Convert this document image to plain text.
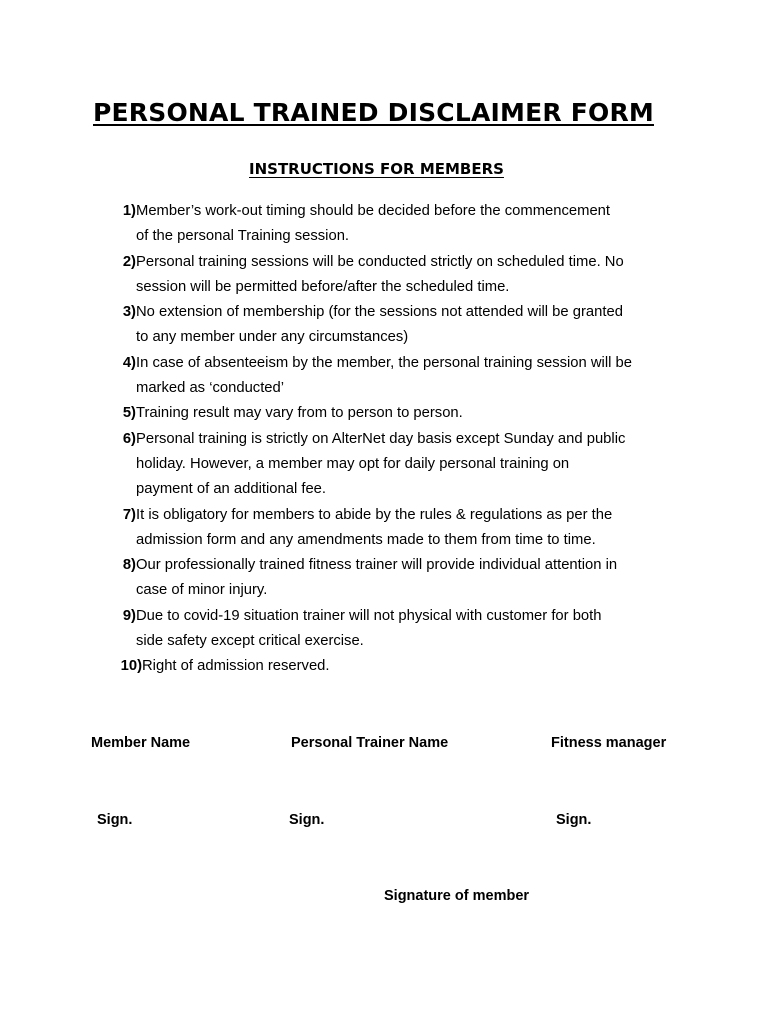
PERSONAL TRAINED DISCLAIMER FORM
INSTRUCTIONS FOR MEMBERS
1) Member’s work-out timing should be decided before the commencement
of the personal Training session.
2) Personal training sessions will be conducted strictly on scheduled time. No
session will be permitted before/after the scheduled time.
3) No extension of membership (for the sessions not attended will be granted
to any member under any circumstances)
4) In case of absenteeism by the member, the personal training session will be
marked as ‘conducted’
5) Training result may vary from to person to person.
6) Personal training is strictly on AlterNet day basis except Sunday and public
holiday. However, a member may opt for daily personal training on
payment of an additional fee.
7) It is obligatory for members to abide by the rules & regulations as per the
admission form and any amendments made to them from time to time.
8) Our professionally trained fitness trainer will provide individual attention in
case of minor injury.
9) Due to covid-19 situation trainer will not physical with customer for both
side safety except critical exercise.
10) Right of admission reserved.
Member Name	Personal Trainer Name	Fitness manager
Sign.	Sign.	Sign.
Signature of member
